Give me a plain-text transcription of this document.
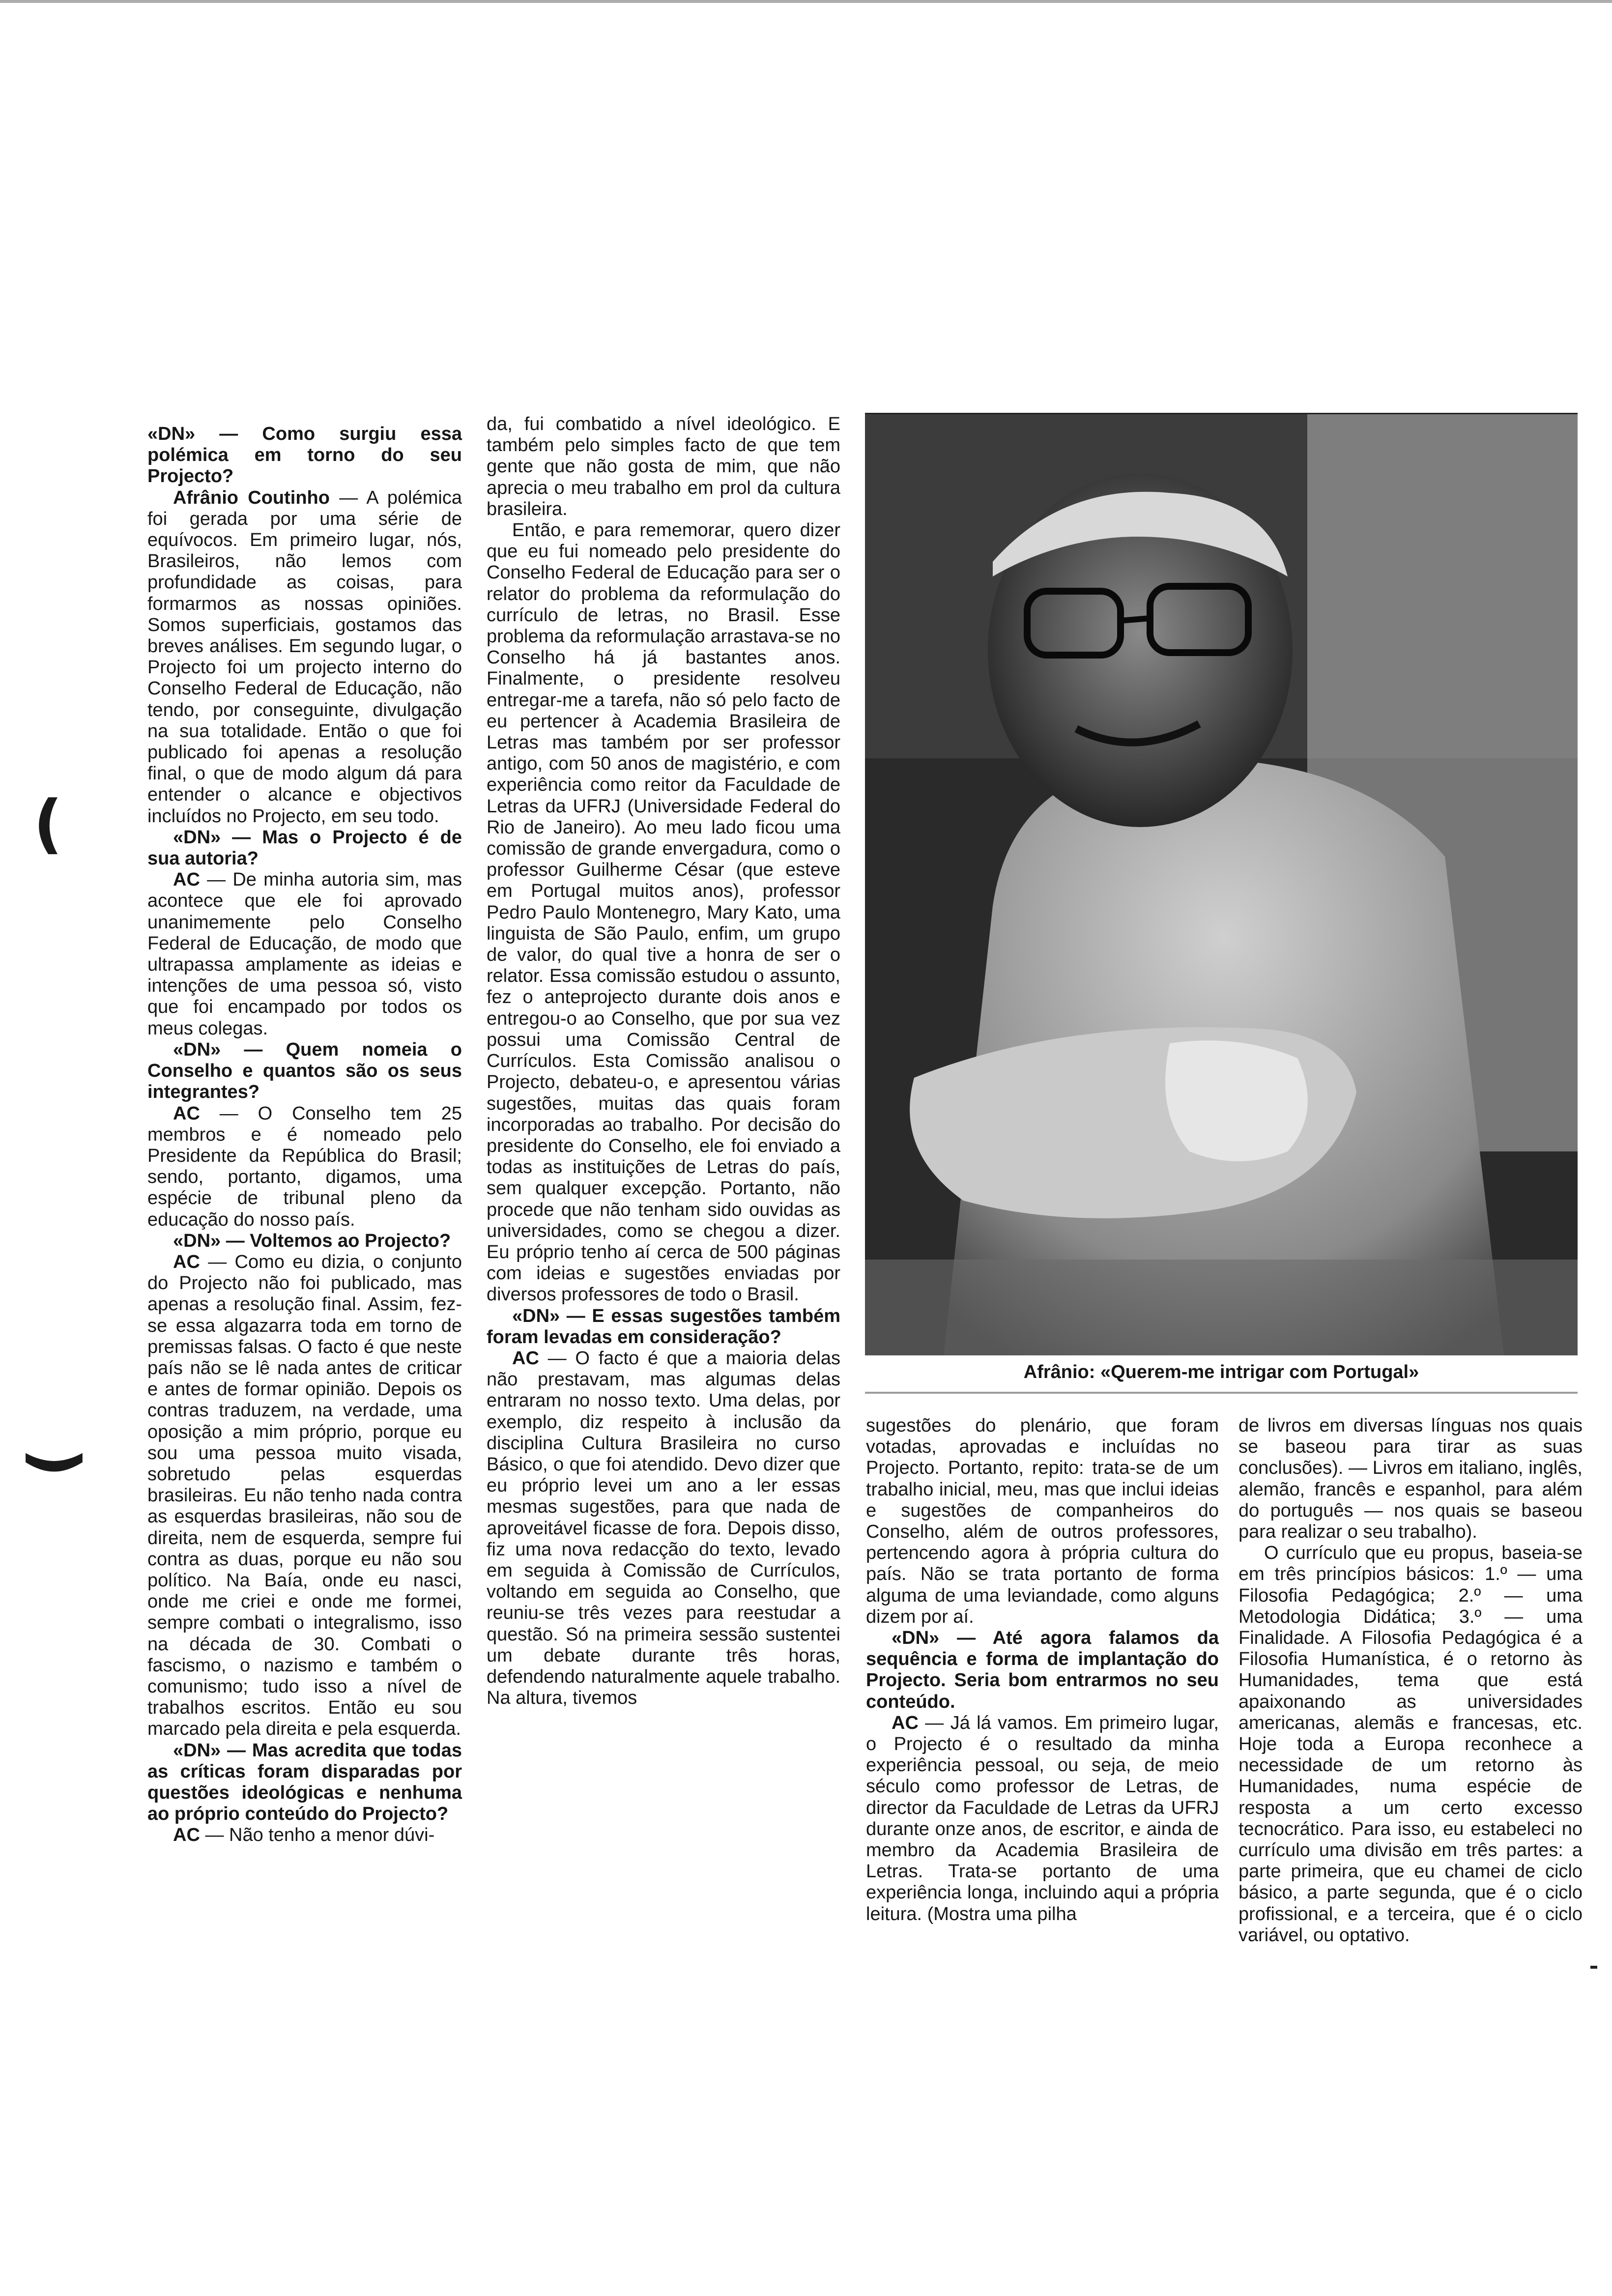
«DN» — Como surgiu essa polémica em torno do seu Projecto?

Afrânio Coutinho — A polémica foi gerada por uma série de equívocos. Em primeiro lugar, nós, Brasileiros, não lemos com profundidade as coisas, para formarmos as nossas opiniões. Somos superficiais, gostamos das breves análises. Em segundo lugar, o Projecto foi um projecto interno do Conselho Federal de Educação, não tendo, por conseguinte, divulgação na sua totalidade. Então o que foi publicado foi apenas a resolução final, o que de modo algum dá para entender o alcance e objectivos incluídos no Projecto, em seu todo.

«DN» — Mas o Projecto é de sua autoria?

AC — De minha autoria sim, mas acontece que ele foi aprovado unanimemente pelo Conselho Federal de Educação, de modo que ultrapassa amplamente as ideias e intenções de uma pessoa só, visto que foi encampado por todos os meus colegas.

«DN» — Quem nomeia o Conselho e quantos são os seus integrantes?

AC — O Conselho tem 25 membros e é nomeado pelo Presidente da República do Brasil; sendo, portanto, digamos, uma espécie de tribunal pleno da educação do nosso país.

«DN» — Voltemos ao Projecto?

AC — Como eu dizia, o conjunto do Projecto não foi publicado, mas apenas a resolução final. Assim, fez-se essa algazarra toda em torno de premissas falsas. O facto é que neste país não se lê nada antes de criticar e antes de formar opinião. Depois os contras traduzem, na verdade, uma oposição a mim próprio, porque eu sou uma pessoa muito visada, sobretudo pelas esquerdas brasileiras. Eu não tenho nada contra as esquerdas brasileiras, não sou de direita, nem de esquerda, sempre fui contra as duas, porque eu não sou político. Na Baía, onde eu nasci, onde me criei e onde me formei, sempre combati o integralismo, isso na década de 30. Combati o fascismo, o nazismo e também o comunismo; tudo isso a nível de trabalhos escritos. Então eu sou marcado pela direita e pela esquerda.

«DN» — Mas acredita que todas as críticas foram disparadas por questões ideológicas e nenhuma ao próprio conteúdo do Projecto?

AC — Não tenho a menor dúvi-

da, fui combatido a nível ideológico. E também pelo simples facto de que tem gente que não gosta de mim, que não aprecia o meu trabalho em prol da cultura brasileira.

Então, e para rememorar, quero dizer que eu fui nomeado pelo presidente do Conselho Federal de Educação para ser o relator do problema da reformulação do currículo de letras, no Brasil. Esse problema da reformulação arrastava-se no Conselho há já bastantes anos. Finalmente, o presidente resolveu entregar-me a tarefa, não só pelo facto de eu pertencer à Academia Brasileira de Letras mas também por ser professor antigo, com 50 anos de magistério, e com experiência como reitor da Faculdade de Letras da UFRJ (Universidade Federal do Rio de Janeiro). Ao meu lado ficou uma comissão de grande envergadura, como o professor Guilherme César (que esteve em Portugal muitos anos), professor Pedro Paulo Montenegro, Mary Kato, uma linguista de São Paulo, enfim, um grupo de valor, do qual tive a honra de ser o relator. Essa comissão estudou o assunto, fez o anteprojecto durante dois anos e entregou-o ao Conselho, que por sua vez possui uma Comissão Central de Currículos. Esta Comissão analisou o Projecto, debateu-o, e apresentou várias sugestões, muitas das quais foram incorporadas ao trabalho. Por decisão do presidente do Conselho, ele foi enviado a todas as instituições de Letras do país, sem qualquer excepção. Portanto, não procede que não tenham sido ouvidas as universidades, como se chegou a dizer. Eu próprio tenho aí cerca de 500 páginas com ideias e sugestões enviadas por diversos professores de todo o Brasil.

«DN» — E essas sugestões também foram levadas em consideração?

AC — O facto é que a maioria delas não prestavam, mas algumas delas entraram no nosso texto. Uma delas, por exemplo, diz respeito à inclusão da disciplina Cultura Brasileira no curso Básico, o que foi atendido. Devo dizer que eu próprio levei um ano a ler essas mesmas sugestões, para que nada de aproveitável ficasse de fora. Depois disso, fiz uma nova redacção do texto, levado em seguida à Comissão de Currículos, voltando em seguida ao Conselho, que reuniu-se três vezes para reestudar a questão. Só na primeira sessão sustentei um debate durante três horas, defendendo naturalmente aquele trabalho. Na altura, tivemos

Afrânio: «Querem-me intrigar com Portugal»

sugestões do plenário, que foram votadas, aprovadas e incluídas no Projecto. Portanto, repito: trata-se de um trabalho inicial, meu, mas que inclui ideias e sugestões de companheiros do Conselho, além de outros professores, pertencendo agora à própria cultura do país. Não se trata portanto de forma alguma de uma leviandade, como alguns dizem por aí.

«DN» — Até agora falamos da sequência e forma de implantação do Projecto. Seria bom entrarmos no seu conteúdo.

AC — Já lá vamos. Em primeiro lugar, o Projecto é o resultado da minha experiência pessoal, ou seja, de meio século como professor de Letras, de director da Faculdade de Letras da UFRJ durante onze anos, de escritor, e ainda de membro da Academia Brasileira de Letras. Trata-se portanto de uma experiência longa, incluindo aqui a própria leitura. (Mostra uma pilha

de livros em diversas línguas nos quais se baseou para tirar as suas conclusões). — Livros em italiano, inglês, alemão, francês e espanhol, para além do português — nos quais se baseou para realizar o seu trabalho).

O currículo que eu propus, baseia-se em três princípios básicos: 1.º — uma Filosofia Pedagógica; 2.º — uma Metodologia Didática; 3.º — uma Finalidade. A Filosofia Pedagógica é a Filosofia Humanística, é o retorno às Humanidades, tema que está apaixonando as universidades americanas, alemãs e francesas, etc. Hoje toda a Europa reconhece a necessidade de um retorno às Humanidades, numa espécie de resposta a um certo excesso tecnocrático. Para isso, eu estabeleci no currículo uma divisão em três partes: a parte primeira, que eu chamei de ciclo básico, a parte segunda, que é o ciclo profissional, e a terceira, que é o ciclo variável, ou optativo.

(
(
